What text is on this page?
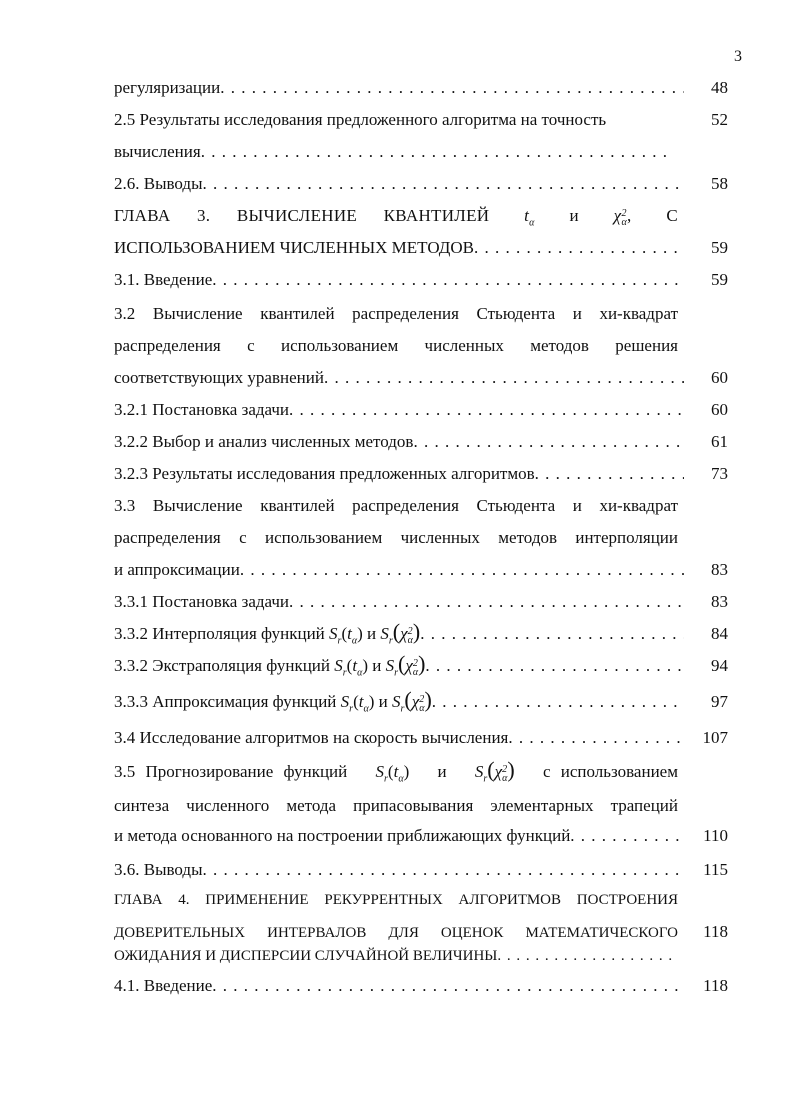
3
регуляризации . . .	48
2.5 Результаты исследования предложенного алгоритма на точность	52
вычисления
. . .
2.6. Выводы . . .	58
ГЛАВА 3. ВЫЧИСЛЕНИЕ КВАНТИЛЕЙ $t_\alpha$ и χ 2
α , С
ИСПОЛЬЗОВАНИЕМ ЧИСЛЕННЫХ МЕТОДОВ . . .	59
3.1. Введение . . .	59
3.2 Вычисление квантилей распределения Стьюдента и хи-квадрат
распределения с использованием численных методов решения
соответствующих уравнений . . .	60
3.2.1 Постановка задачи . . .	60
3.2.2 Выбор и анализ численных методов . . .	61
3.2.3 Результаты исследования предложенных алгоритмов . . .	73
3.3 Вычисление квантилей распределения Стьюдента и хи-квадрат
распределения с использованием численных методов интерполяции
и аппроксимации . . .	83
3.3.1 Постановка задачи . . .	83
3.3.2 Интерполяция функций $S_r(t_\alpha)$ и $S_r(\chi$ 2
α ) . . .	84
3.3.2 Экстраполяция функций $S_r(t_\alpha)$ и $S_r(\chi$ 2
α ) . . .	94
3.3.3 Аппроксимация функций $S_r(t_\alpha)$ и $S_r(\chi$ 2
α ) . . .	97
3.4 Исследование алгоритмов на скорость вычисления . . .	107
3.5 Прогнозирование функций $S_r(t_\alpha)$ и $S_r(\chi$ 2
α ) с использованием
синтеза численного метода припасовывания элементарных трапеций
и метода основанного на построении приближающих функций . . .	110
3.6. Выводы . . .	115
ГЛАВА 4. ПРИМЕНЕНИЕ РЕКУРРЕНТНЫХ АЛГОРИТМОВ ПОСТРОЕНИЯ
ДОВЕРИТЕЛЬНЫХ ИНТЕРВАЛОВ ДЛЯ ОЦЕНОК МАТЕМАТИЧЕСКОГО	118
ОЖИДАНИЯ И ДИСПЕРСИИ СЛУЧАЙНОЙ ВЕЛИЧИНЫ
. . .
4.1. Введение . . .	118
